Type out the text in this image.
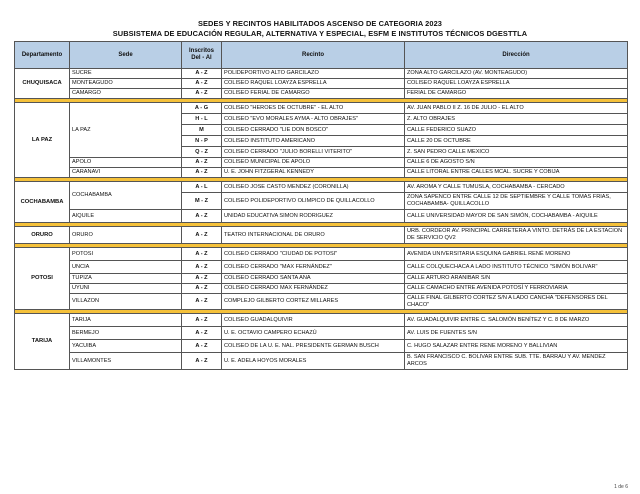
SEDES Y RECINTOS HABILITADOS ASCENSO DE CATEGORIA 2023
SUBSISTEMA DE EDUCACIÓN REGULAR, ALTERNATIVA Y ESPECIAL, ESFM E INSTITUTOS TÉCNICOS DGESTTLA
Departamento	Sede	Inscritos Del - Al	Recinto	Dirección
CHUQUISACA	SUCRE	A - Z	POLIDEPORTIVO ALTO GARCILAZO	ZONA ALTO GARCILAZO (AV. MONTEAGUDO)
	MONTEAGUDO	A - Z	COLISEO RAQUEL LOAYZA ESPRELLA	COLISEO RAQUEL LOAYZA ESPRELLA
	CAMARGO	A - Z	COLISEO FERIAL DE CAMARGO	FERIAL DE CAMARGO

LA PAZ	LA PAZ	A - G	COLISEO "HEROES DE OCTUBRE" - EL ALTO	AV. JUAN PABLO II Z. 16 DE JULIO - EL ALTO
		H - L	COLISEO "EVO MORALES AYMA - ALTO OBRAJES"	Z. ALTO OBRAJES
		M	COLISEO CERRADO "LIE DON BOSCO"	CALLE FEDERICO SUAZO
		N - P	COLISEO INSTITUTO AMERICANO	CALLE 20 DE OCTUBRE
		Q - Z	COLISEO CERRADO "JULIO BORELLI VITERITO"	Z. SAN PEDRO CALLE MEXICO
	APOLO	A - Z	COLISEO MUNICIPAL DE APOLO	CALLE 6 DE AGOSTO S/N
	CARANAVI	A - Z	U. E. JOHN FITZGERAL KENNEDY	CALLE LITORAL ENTRE CALLES MCAL. SUCRE Y COBIJA

COCHABAMBA	COCHABAMBA	A - L	COLISEO JOSE CASTO MENDEZ (CORONILLA)	AV. AROMA Y CALLE TUMUSLA, COCHABAMBA - CERCADO
		M - Z	COLISEO POLIDEPORTIVO OLIMPICO DE QUILLACOLLO	ZONA SAPENCO ENTRE CALLE 12 DE SEPTIEMBRE Y CALLE TOMAS FRIAS, COCHABAMBA- QUILLACOLLO
	AIQUILE	A - Z	UNIDAD EDUCATIVA SIMON RODRIGUEZ	CALLE UNIVERSIDAD MAYOR DE SAN SIMÓN, COCHABAMBA - AIQUILE

ORURO	ORURO	A - Z	TEATRO INTERNACIONAL DE ORURO	URB. CORDEOR AV. PRINCIPAL CARRETERA A VINTO. DETRÁS DE LA ESTACION DE SERVICIO QV2

POTOSI	POTOSI	A - Z	COLISEO CERRADO "CIUDAD DE POTOSI"	AVENIDA UNIVERSITARIA ESQUINA GABRIEL RENÉ MORENO
	UNCIA	A - Z	COLISEO CERRADO "MAX FERNÁNDEZ"	CALLE COLQUECHACA A LADO INSTITUTO TÉCNICO "SIMÓN BOLIVAR"
	TUPIZA	A - Z	COLISEO CERRADO SANTA ANA	CALLE ARTURO ARANIBAR S/N
	UYUNI	A - Z	COLISEO CERRADO MAX FERNÁNDEZ	CALLE CAMACHO ENTRE AVENIDA POTOSÍ Y FERROVIARIA
	VILLAZON	A - Z	COMPLEJO GILBERTO CORTEZ MILLARES	CALLE FINAL GILBERTO CORTEZ S/N A LADO CANCHA "DEFENSORES DEL CHACO"

TARIJA	TARIJA	A - Z	COLISEO GUADALQUIVIR	AV. GUADALQUIVIR ENTRE C. SALOMÓN BENÍTEZ Y C. 8 DE MARZO
	BERMEJO	A - Z	U. E. OCTAVIO CAMPERO ECHAZÚ	AV. LUIS DE FUENTES S/N
	YACUIBA	A - Z	COLISEO DE LA U. E. NAL. PRESIDENTE GERMAN BUSCH	C. HUGO SALAZAR ENTRE RENE MORENO Y BALLIVIAN
	VILLAMONTES	A - Z	U. E. ADELA HOYOS MORALES	B. SAN FRANCISCO C. BOLIVAR ENTRE SUB. TTE. BARRAU Y AV. MENDEZ ARCOS
1 de 6
